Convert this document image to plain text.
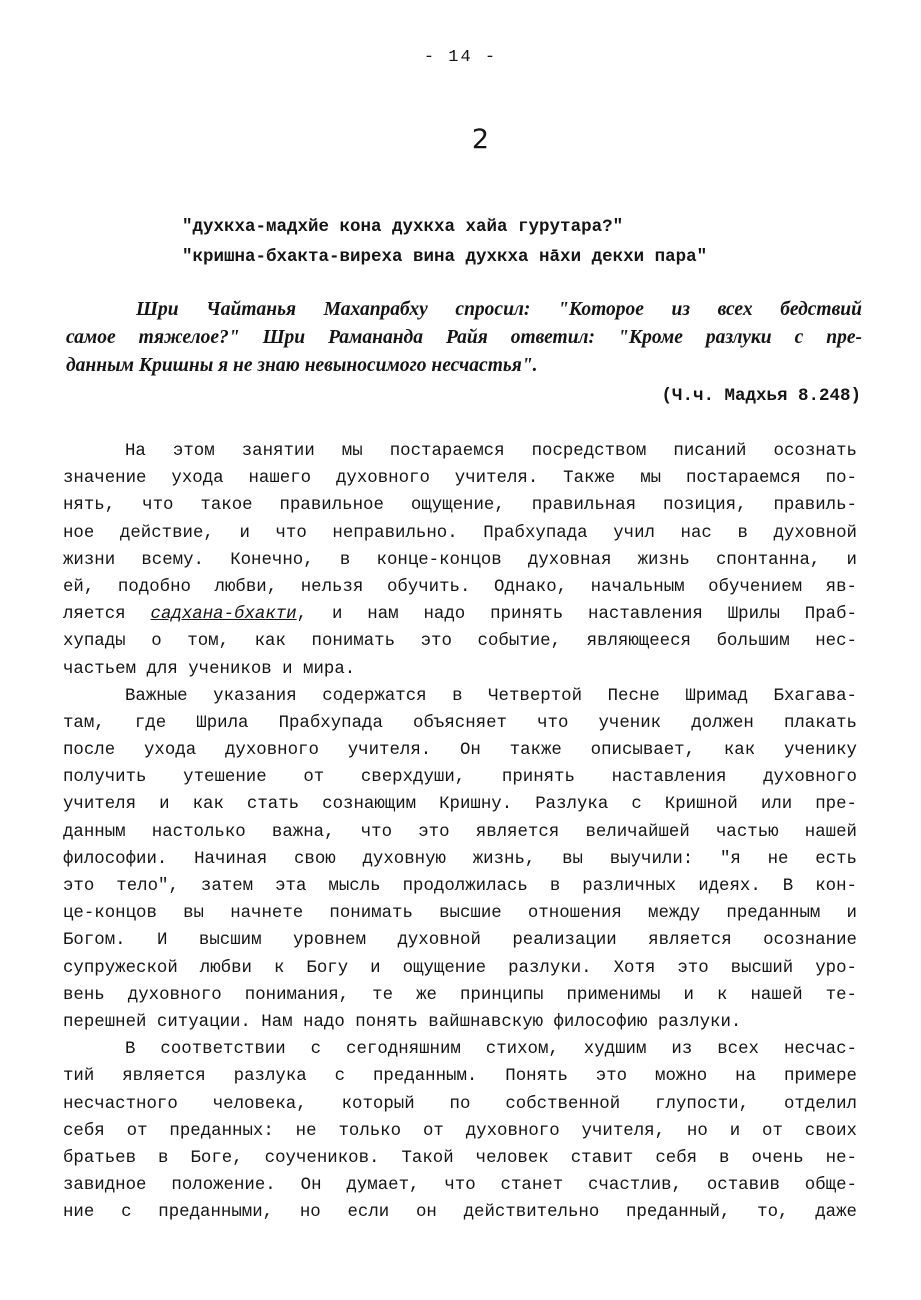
- 14 -
2
"духкха-мадхйе кона духкха хайа гурутара?"
"кришна-бхакта-виреха вина духкха нāхи декхи пара"
Шри Чайтанья Махапрабху спросил: "Которое из всех бедствий
самое тяжелое?" Шри Рамананда Райя ответил: "Кроме разлуки с пре-
данным Кришны я не знаю невыносимого несчастья".
(Ч.ч. Мадхья 8.248)
На этом занятии мы постараемся посредством писаний осознать
значение ухода нашего духовного учителя. Также мы постараемся по-
нять, что такое правильное ощущение, правильная позиция, правиль-
ное действие, и что неправильно. Прабхупада учил нас в духовной
жизни всему. Конечно, в конце-концов духовная жизнь спонтанна, и
ей, подобно любви, нельзя обучить. Однако, начальным обучением яв-
ляется садхана-бхакти, и нам надо принять наставления Шрилы Праб-
хупады о том, как понимать это событие, являющееся большим нес-
частьем для учеников и мира.
Важные указания содержатся в Четвертой Песне Шримад Бхагава-
там, где Шрила Прабхупада объясняет что ученик должен плакать
после ухода духовного учителя. Он также описывает, как ученику
получить утешение от сверхдуши, принять наставления духовного
учителя и как стать сознающим Кришну. Разлука с Кришной или пре-
данным настолько важна, что это является величайшей частью нашей
философии. Начиная свою духовную жизнь, вы выучили: "я не есть
это тело", затем эта мысль продолжилась в различных идеях. В кон-
це-концов вы начнете понимать высшие отношения между преданным и
Богом. И высшим уровнем духовной реализации является осознание
супружеской любви к Богу и ощущение разлуки. Хотя это высший уро-
вень духовного понимания, те же принципы применимы и к нашей те-
перешней ситуации. Нам надо понять вайшнавскую философию разлуки.
В соответствии с сегодняшним стихом, худшим из всех несчас-
тий является разлука с преданным. Понять это можно на примере
несчастного человека, который по собственной глупости, отделил
себя от преданных: не только от духовного учителя, но и от своих
братьев в Боге, соучеников. Такой человек ставит себя в очень не-
завидное положение. Он думает, что станет счастлив, оставив обще-
ние с преданными, но если он действительно преданный, то, даже
